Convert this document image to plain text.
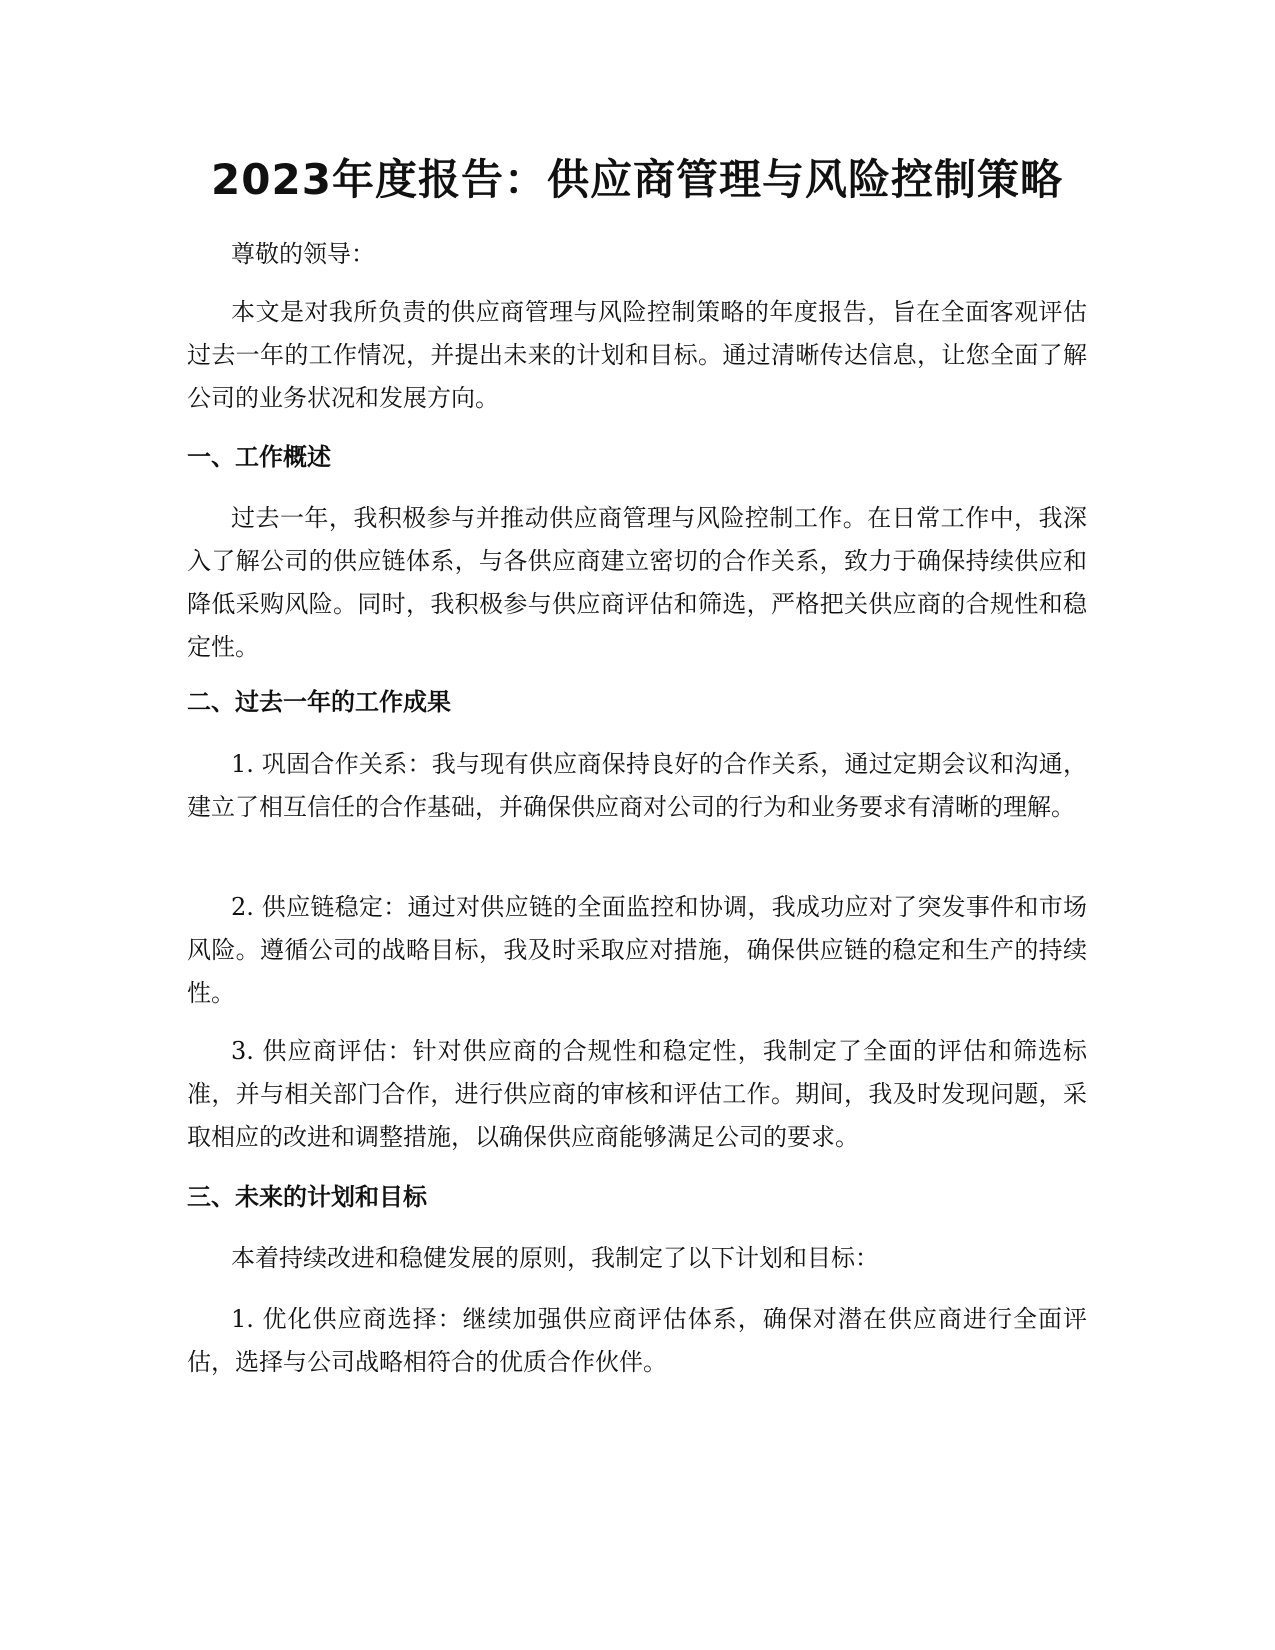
2023年度报告：供应商管理与风险控制策略

尊敬的领导：

本文是对我所负责的供应商管理与风险控制策略的年度报告，旨在全面客观评估过去一年的工作情况，并提出未来的计划和目标。通过清晰传达信息，让您全面了解公司的业务状况和发展方向。

一、工作概述

过去一年，我积极参与并推动供应商管理与风险控制工作。在日常工作中，我深入了解公司的供应链体系，与各供应商建立密切的合作关系，致力于确保持续供应和降低采购风险。同时，我积极参与供应商评估和筛选，严格把关供应商的合规性和稳定性。

二、过去一年的工作成果

1. 巩固合作关系：我与现有供应商保持良好的合作关系，通过定期会议和沟通，建立了相互信任的合作基础，并确保供应商对公司的行为和业务要求有清晰的理解。

2. 供应链稳定：通过对供应链的全面监控和协调，我成功应对了突发事件和市场风险。遵循公司的战略目标，我及时采取应对措施，确保供应链的稳定和生产的持续性。

3. 供应商评估：针对供应商的合规性和稳定性，我制定了全面的评估和筛选标准，并与相关部门合作，进行供应商的审核和评估工作。期间，我及时发现问题，采取相应的改进和调整措施，以确保供应商能够满足公司的要求。

三、未来的计划和目标

本着持续改进和稳健发展的原则，我制定了以下计划和目标：

1. 优化供应商选择：继续加强供应商评估体系，确保对潜在供应商进行全面评估，选择与公司战略相符合的优质合作伙伴。
